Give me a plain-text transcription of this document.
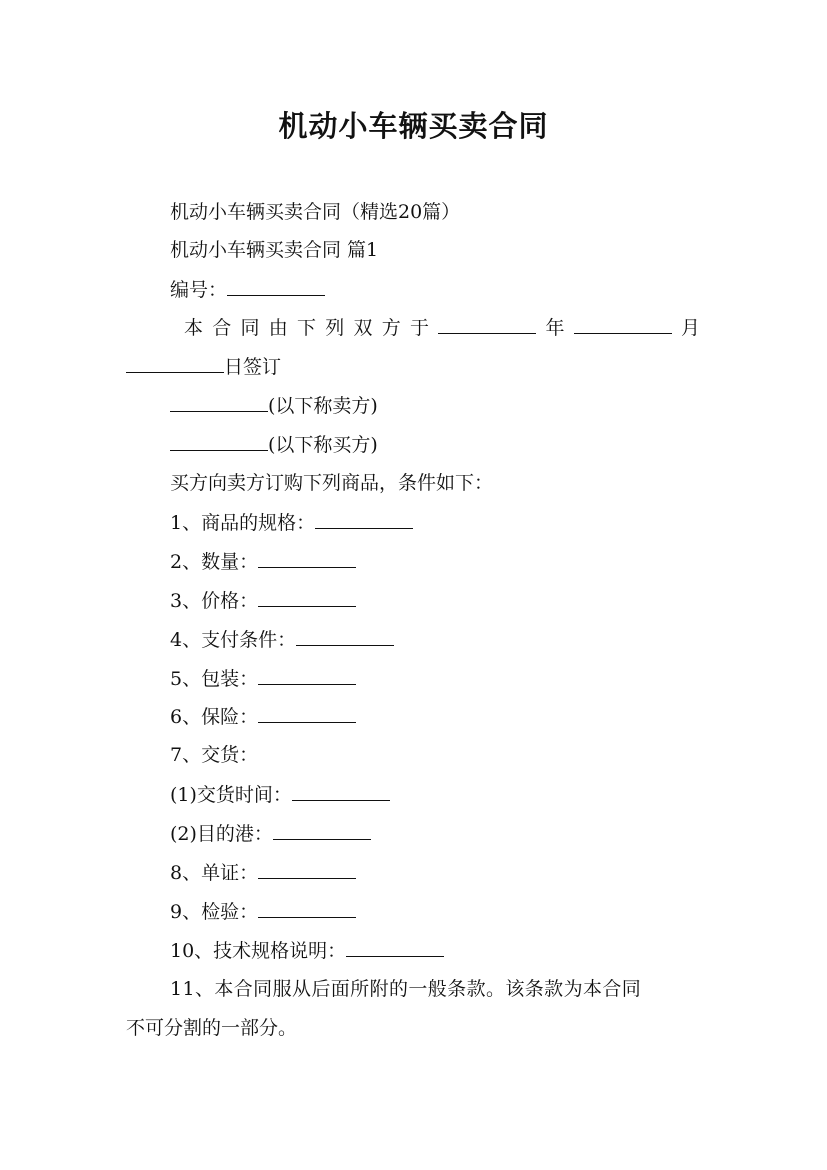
机动小车辆买卖合同
机动小车辆买卖合同（精选20篇）
机动小车辆买卖合同 篇1
编号：
本 合 同 由 下 列 双 方 于	年	月
日签订
(以下称卖方)
(以下称买方)
买方向卖方订购下列商品，条件如下：
1、商品的规格：
2、数量：
3、价格：
4、支付条件：
5、包装：
6、保险：
7、交货：
(1)交货时间：
(2)目的港：
8、单证：
9、检验：
10、技术规格说明：
11、本合同服从后面所附的一般条款。该条款为本合同
不可分割的一部分。
